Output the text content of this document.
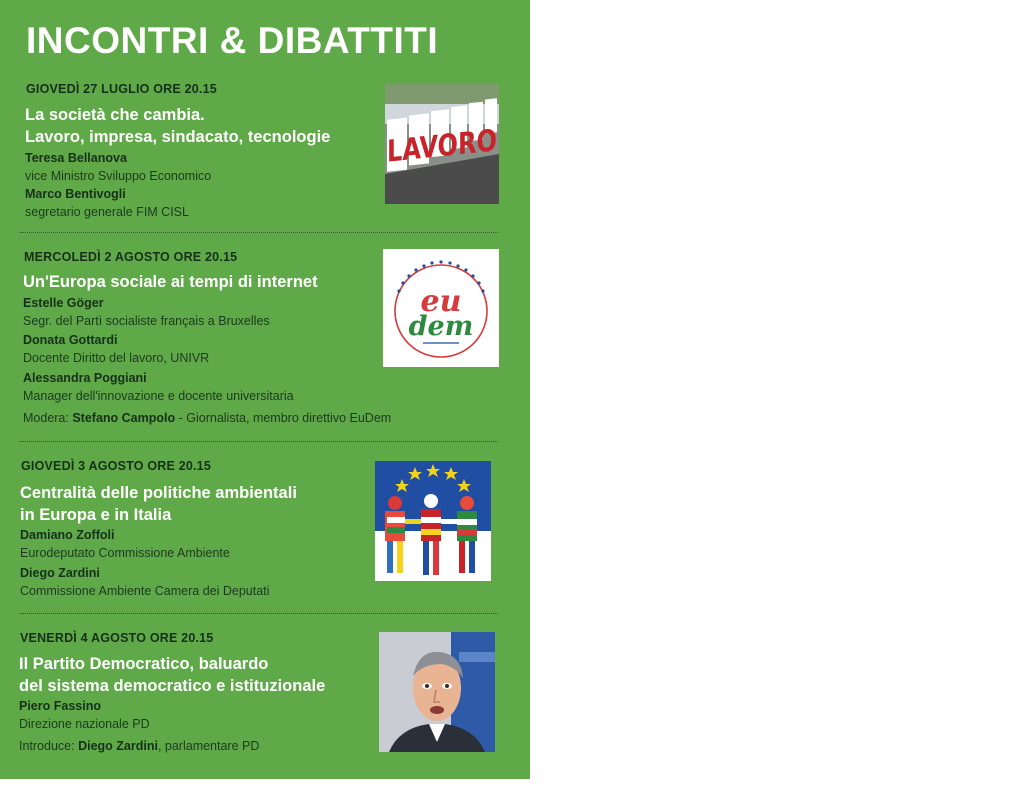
INCONTRI & DIBATTITI
GIOVEDÌ 27 LUGLIO ORE 20.15
La società che cambia.
Lavoro, impresa, sindacato, tecnologie
Teresa Bellanova
vice Ministro Sviluppo Economico
Marco Bentivogli
segretario generale FIM CISL
LAVORO
MERCOLEDÌ 2 AGOSTO ORE 20.15
Un'Europa sociale ai tempi di internet
Estelle Göger
Segr. del Partì socialiste français a Bruxelles
Donata Gottardi
Docente Diritto del lavoro, UNIVR
Alessandra Poggiani
Manager dell'innovazione e docente universitaria
Modera: Stefano Campolo - Giornalista, membro direttivo EuDem
eu
dem
GIOVEDÌ 3 AGOSTO ORE 20.15
Centralità delle politiche ambientali
in Europa e in Italia
Damiano Zoffoli
Eurodeputato Commissione Ambiente
Diego Zardini
Commissione Ambiente Camera dei Deputati
VENERDÌ 4 AGOSTO ORE 20.15
Il Partito Democratico, baluardo
del sistema democratico e istituzionale
Piero Fassino
Direzione nazionale PD
Introduce: Diego Zardini, parlamentare PD
